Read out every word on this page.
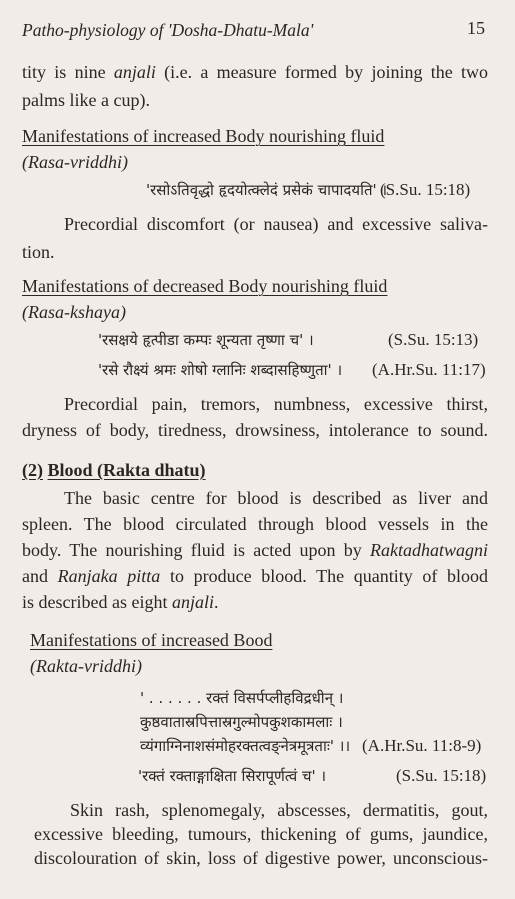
Patho-physiology of 'Dosha-Dhatu-Mala'	15

tity is nine anjali (i.e. a measure formed by joining the two

palms like a cup).

Manifestations of increased Body nourishing fluid

(Rasa-vriddhi)

'रसोऽतिवृद्धो हृदयोत्क्लेदं प्रसेकं चापादयति' ।
(S.Su. 15:18)

Precordial discomfort (or nausea) and excessive saliva-

tion.

Manifestations of decreased Body nourishing fluid

(Rasa-kshaya)

'रसक्षये हृत्पीडा कम्पः शून्यता तृष्णा च' ।	(S.Su. 15:13)
'रसे रौक्ष्यं श्रमः शोषो ग्लानिः शब्दासहिष्णुता' । (A.Hr.Su. 11:17)

Precordial pain, tremors, numbness, excessive thirst,

dryness of body, tiredness, drowsiness, intolerance to sound.

(2) Blood (Rakta dhatu)

The basic centre for blood is described as liver and

spleen. The blood circulated through blood vessels in the

body. The nourishing fluid is acted upon by Raktadhatwagni

and Ranjaka pitta to produce blood. The quantity of blood

is described as eight anjali.

Manifestations of increased Bood

(Rakta-vriddhi)

' . . . . . . रक्तं विसर्पप्लीहविद्रधीन् ।
कुष्ठवातास्रपित्तास्रगुल्मोपकुशकामलाः ।
व्यंगाग्निनाशसंमोहरक्तत्वङ्नेत्रमूत्रताः' ।। (A.Hr.Su. 11:8-9)
'रक्तं रक्ताङ्गाक्षिता सिरापूर्णत्वं च' ।	(S.Su. 15:18)

Skin rash, splenomegaly, abscesses, dermatitis, gout,

excessive bleeding, tumours, thickening of gums, jaundice,

discolouration of skin, loss of digestive power, unconscious-
